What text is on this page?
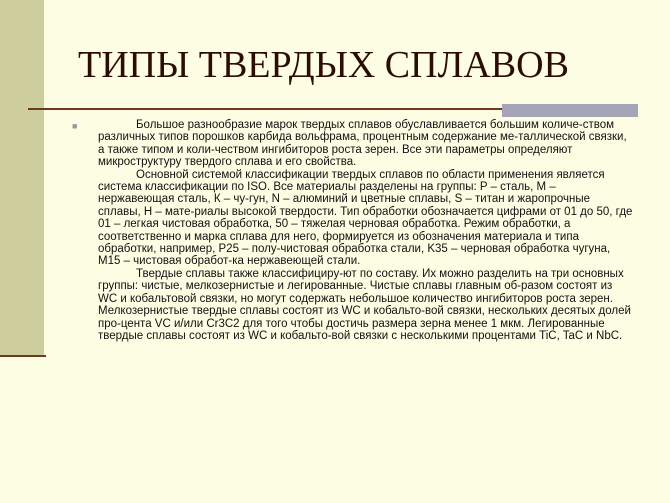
ТИПЫ ТВЕРДЫХ СПЛАВОВ
■	Большое разнообразие марок твердых сплавов обуславливается большим количе-ством различных типов порошков карбида вольфрама, процентным содержание ме-таллической связки, а также типом и коли-чеством ингибиторов роста зерен. Все эти параметры определяют микроструктуру твердого сплава и его свойства.

Основной системой классификации твердых сплавов по области применения является система классификации по ISO. Все материалы разделены на группы: P – сталь, M – нержавеющая сталь, К – чу-гун, N – алюминий и цветные сплавы, S – титан и жаропрочные сплавы, H – мате-риалы высокой твердости. Тип обработки обозначается цифрами от 01 до 50, где 01 – легкая чистовая обработка, 50 – тяжелая черновая обработка. Режим обработки, а соответственно и марка сплава для него, формируется из обозначения материала и типа обработки, например, P25 – полу-чистовая обработка стали, K35 – черновая обработка чугуна, M15 – чистовая обработ-ка нержавеющей стали.

Твердые сплавы также классифициру-ют по составу. Их можно разделить на три основных группы: чистые, мелкозернистые и легированные. Чистые сплавы главным об-разом состоят из WC и кобальтовой связки, но могут содержать небольшое количество ингибиторов роста зерен. Мелкозернистые твердые сплавы состоят из WC и кобальто-вой связки, нескольких десятых долей про-цента VC и/или Cr3C2 для того чтобы достичь размера зерна менее 1 мкм. Легированные твердые сплавы состоят из WC и кобальто-вой связки с несколькими процентами TiC, TaC и NbC.
